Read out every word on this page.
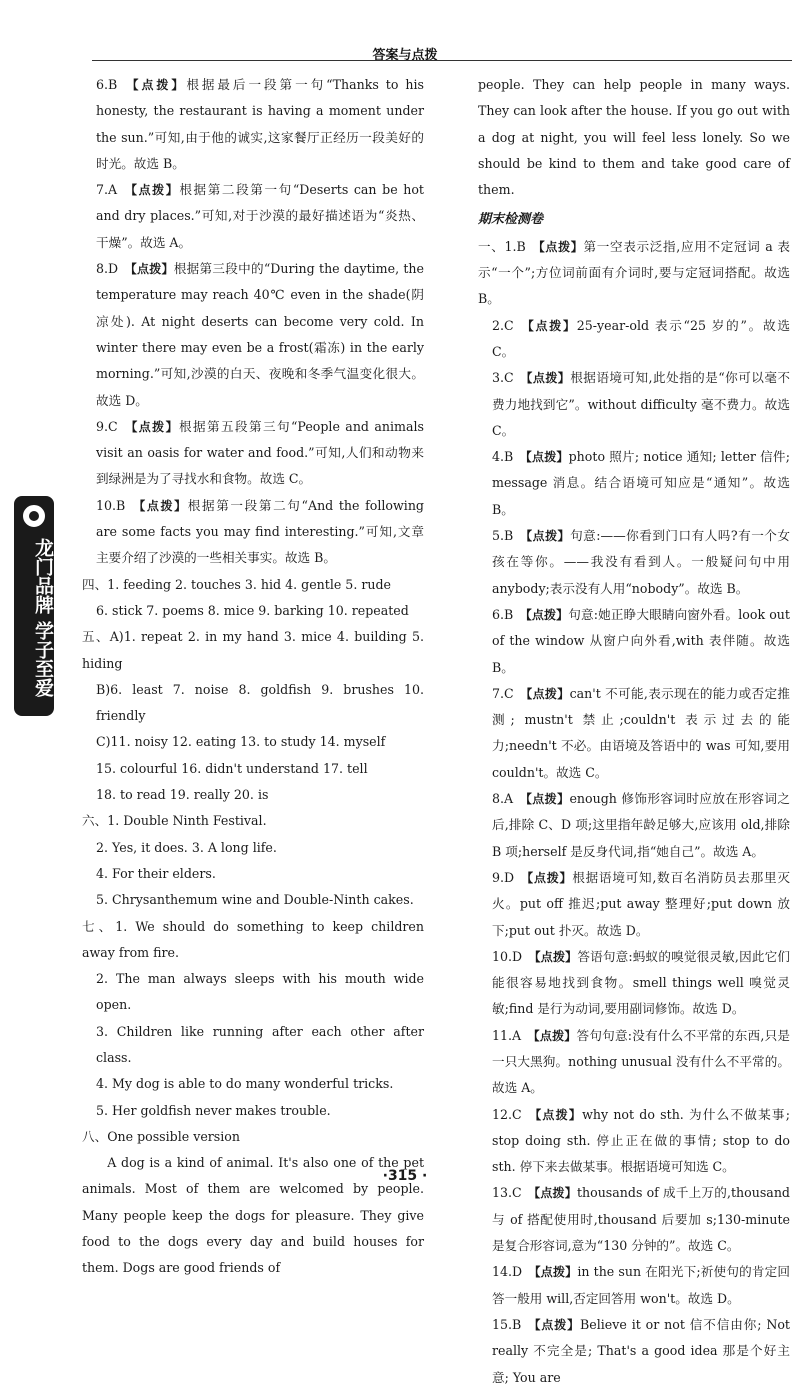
答案与点拨
龙门品牌 学子至爱

6.B  【点拨】根据最后一段第一句“Thanks to his honesty, the restaurant is having a moment under the sun.”可知,由于他的诚实,这家餐厅正经历一段美好的时光。故选 B。

7.A  【点拨】根据第二段第一句“Deserts can be hot and dry places.”可知,对于沙漠的最好描述语为“炎热、干燥”。故选 A。

8.D  【点拨】根据第三段中的“During the daytime, the temperature may reach 40℃ even in the shade(阴凉处). At night deserts can become very cold. In winter there may even be a frost(霜冻) in the early morning.”可知,沙漠的白天、夜晚和冬季气温变化很大。故选 D。

9.C  【点拨】根据第五段第三句“People and animals visit an oasis for water and food.”可知,人们和动物来到绿洲是为了寻找水和食物。故选 C。

10.B  【点拨】根据第一段第二句“And the following are some facts you may find interesting.”可知,文章主要介绍了沙漠的一些相关事实。故选 B。

四、1. feeding 2. touches 3. hid 4. gentle 5. rude

6. stick 7. poems 8. mice 9. barking 10. repeated

五、A)1. repeat 2. in my hand 3. mice 4. building 5. hiding

B)6. least 7. noise 8. goldfish 9. brushes 10. friendly

C)11. noisy 12. eating 13. to study 14. myself

15. colourful 16. didn't understand 17. tell

18. to read 19. really 20. is

六、1. Double Ninth Festival.

2. Yes, it does. 3. A long life.

4. For their elders.

5. Chrysanthemum wine and Double-Ninth cakes.

七、1. We should do something to keep children away from fire.

2. The man always sleeps with his mouth wide open.

3. Children like running after each other after class.

4. My dog is able to do many wonderful tricks.

5. Her goldfish never makes trouble.

八、One possible version

A dog is a kind of animal. It's also one of the pet animals. Most of them are welcomed by people. Many people keep the dogs for pleasure. They give food to the dogs every day and build houses for them. Dogs are good friends of

people. They can help people in many ways. They can look after the house. If you go out with a dog at night, you will feel less lonely. So we should be kind to them and take good care of them.

期末检测卷

一、1.B  【点拨】第一空表示泛指,应用不定冠词 a 表示“一个”;方位词前面有介词时,要与定冠词搭配。故选 B。

2.C  【点拨】25-year-old 表示“25 岁的”。故选 C。

3.C  【点拨】根据语境可知,此处指的是“你可以毫不费力地找到它”。without difficulty 毫不费力。故选 C。

4.B  【点拨】photo 照片; notice 通知; letter 信件; message 消息。结合语境可知应是“通知”。故选 B。

5.B  【点拨】句意:——你看到门口有人吗?有一个女孩在等你。——我没有看到人。一般疑问句中用 anybody;表示没有人用“nobody”。故选 B。

6.B  【点拨】句意:她正睁大眼睛向窗外看。look out of the window 从窗户向外看,with 表伴随。故选 B。

7.C  【点拨】can't 不可能,表示现在的能力或否定推测; mustn't 禁止;couldn't 表示过去的能力;needn't 不必。由语境及答语中的 was 可知,要用 couldn't。故选 C。

8.A  【点拨】enough 修饰形容词时应放在形容词之后,排除 C、D 项;这里指年龄足够大,应该用 old,排除 B 项;herself 是反身代词,指“她自己”。故选 A。

9.D  【点拨】根据语境可知,数百名消防员去那里灭火。put off 推迟;put away 整理好;put down 放下;put out 扑灭。故选 D。

10.D  【点拨】答语句意:蚂蚁的嗅觉很灵敏,因此它们能很容易地找到食物。smell things well 嗅觉灵敏;find 是行为动词,要用副词修饰。故选 D。

11.A  【点拨】答句句意:没有什么不平常的东西,只是一只大黑狗。nothing unusual 没有什么不平常的。故选 A。

12.C  【点拨】why not do sth. 为什么不做某事; stop doing sth. 停止正在做的事情; stop to do sth. 停下来去做某事。根据语境可知选 C。

13.C  【点拨】thousands of 成千上万的,thousand 与 of 搭配使用时,thousand 后要加 s;130-minute 是复合形容词,意为“130 分钟的”。故选 C。

14.D  【点拨】in the sun 在阳光下;祈使句的肯定回答一般用 will,否定回答用 won't。故选 D。

15.B  【点拨】Believe it or not 信不信由你; Not really 不完全是; That's a good idea 那是个好主意; You are

·315 ·
